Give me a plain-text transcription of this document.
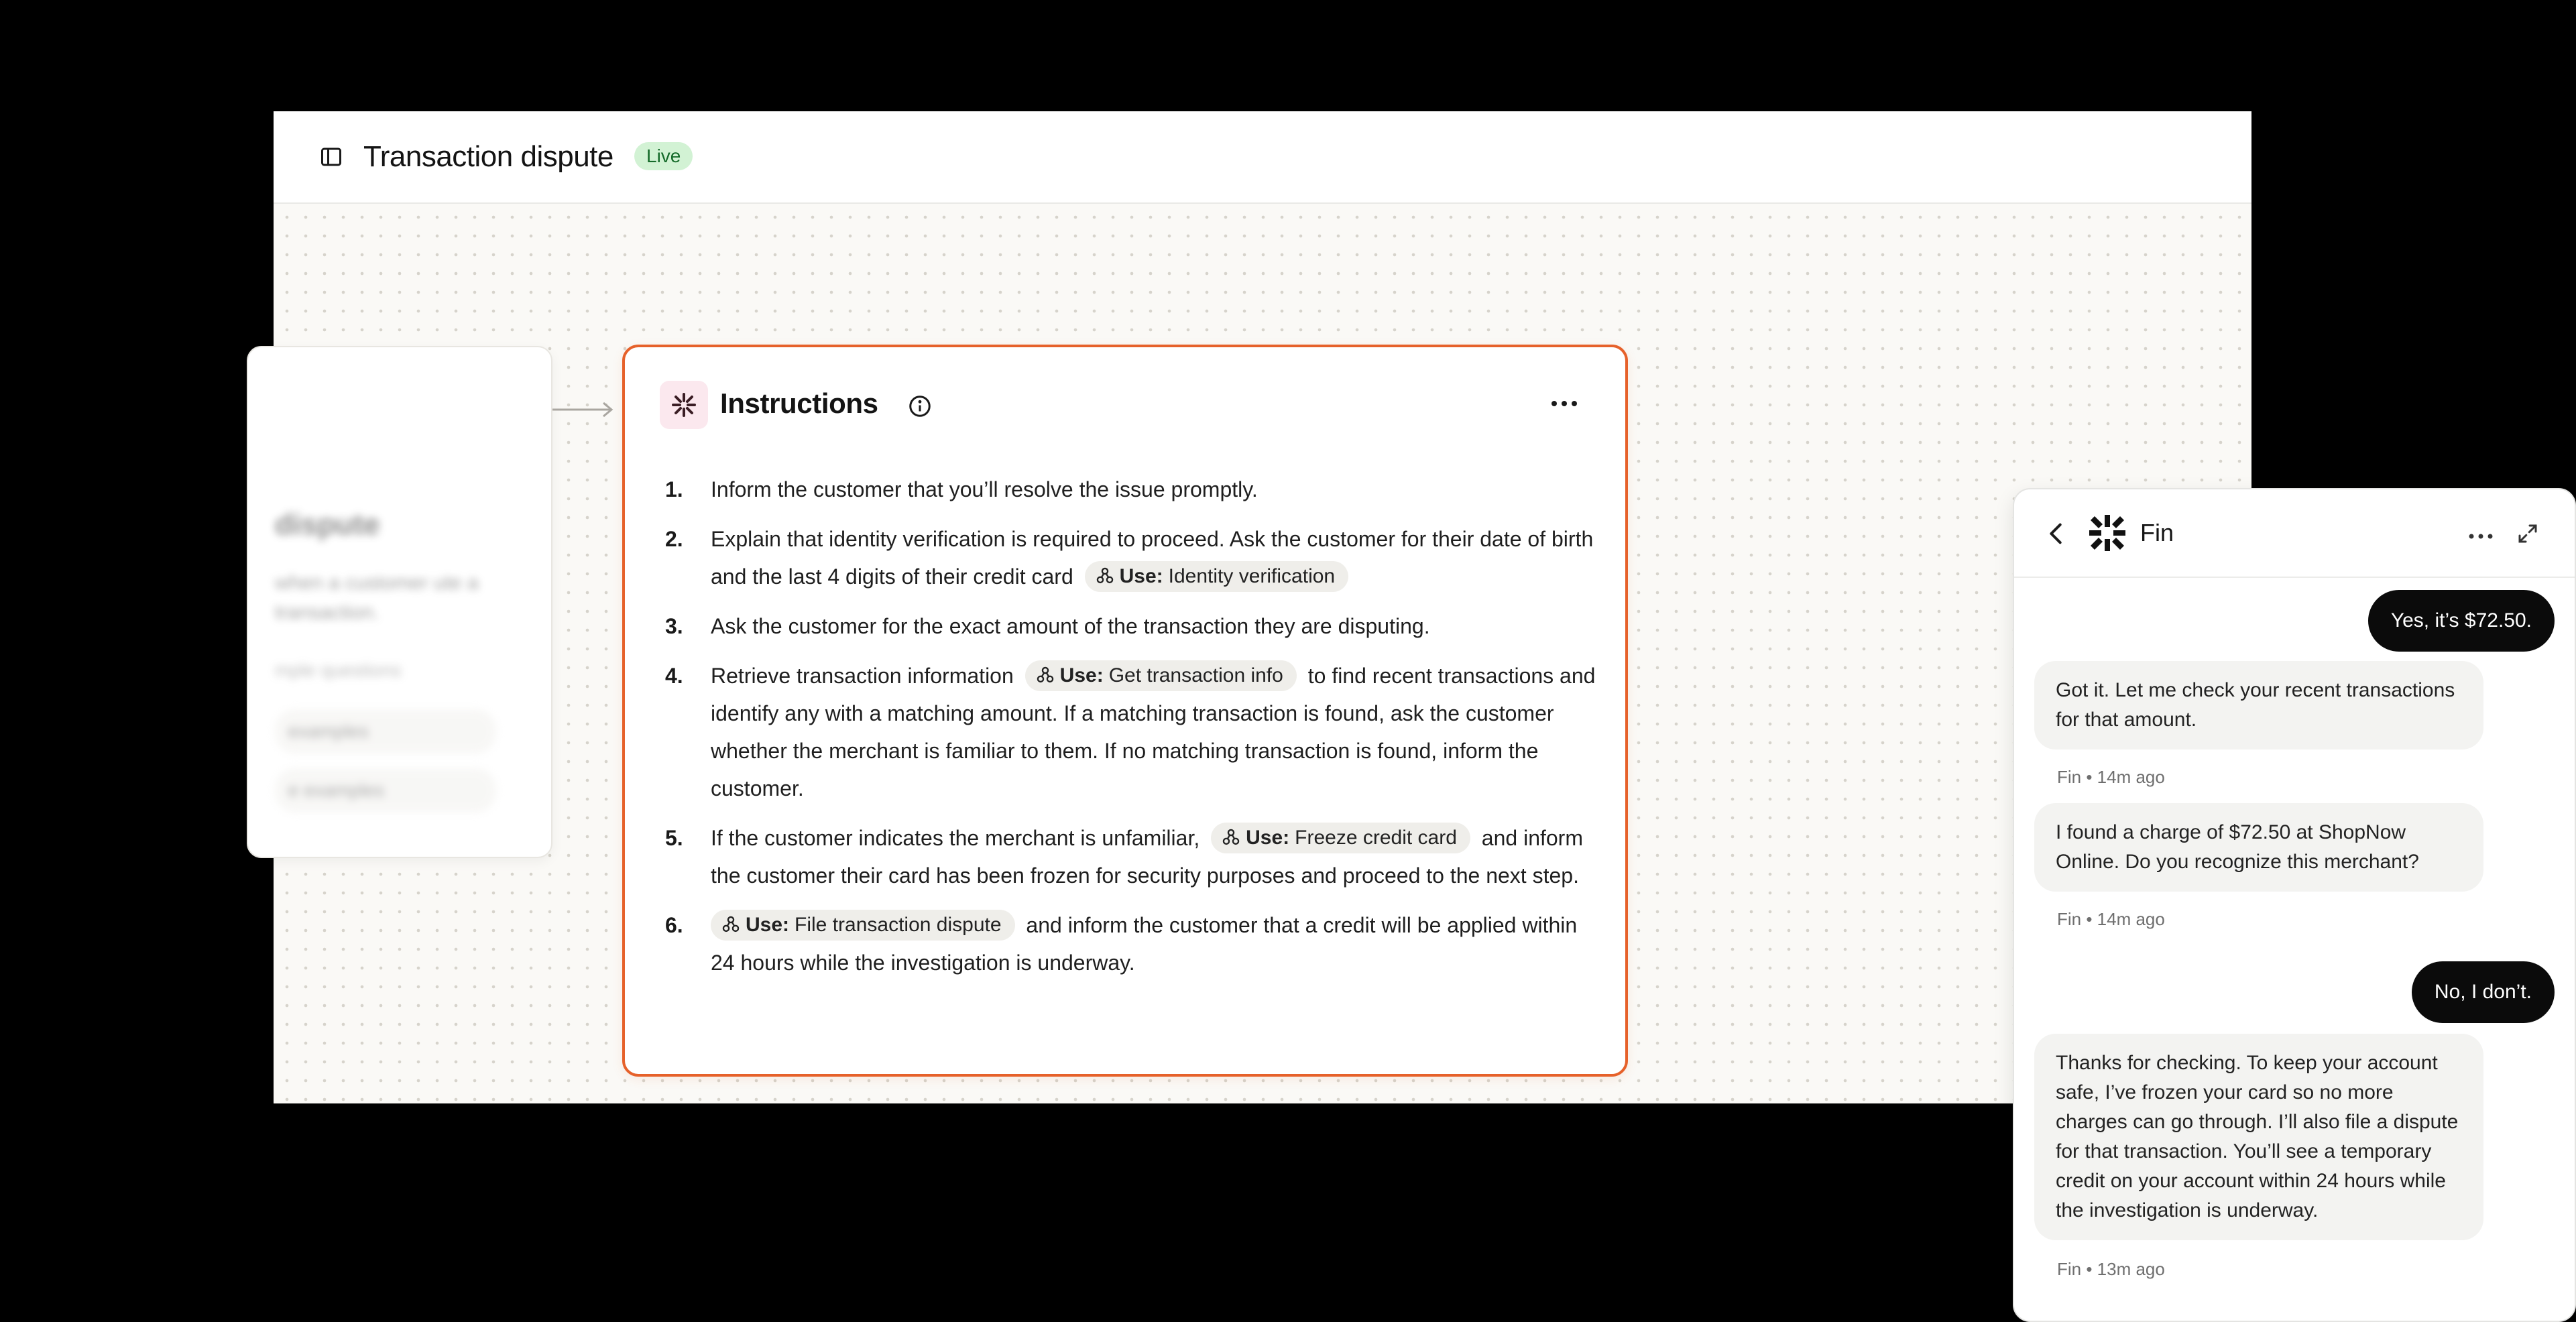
Transaction dispute	Live
dispute
when a customer ute a transaction.
mple questions
examples
e examples
Instructions
1.	Inform the customer that you’ll resolve the issue promptly.
2.	Explain that identity verification is required to proceed. Ask the customer for their date of birth and the last 4 digits of their credit card Use: Identity verification
3.	Ask the customer for the exact amount of the transaction they are disputing.
4.	Retrieve transaction information Use: Get transaction info to find recent transactions and identify any with a matching amount. If a matching transaction is found, ask the customer whether the merchant is familiar to them. If no matching transaction is found, inform the customer.
5.	If the customer indicates the merchant is unfamiliar, Use: Freeze credit card and inform the customer their card has been frozen for security purposes and proceed to the next step.
6.	Use: File transaction dispute and inform the customer that a credit will be applied within 24 hours while the investigation is underway.
Fin
Yes, it’s $72.50.
Got it. Let me check your recent transactions for that amount.
Fin • 14m ago
I found a charge of $72.50 at ShopNow Online. Do you recognize this merchant?
Fin • 14m ago
No, I don’t.
Thanks for checking. To keep your account safe, I’ve frozen your card so no more charges can go through. I’ll also file a dispute for that transaction. You’ll see a temporary credit on your account within 24 hours while the investigation is underway.
Fin • 13m ago
